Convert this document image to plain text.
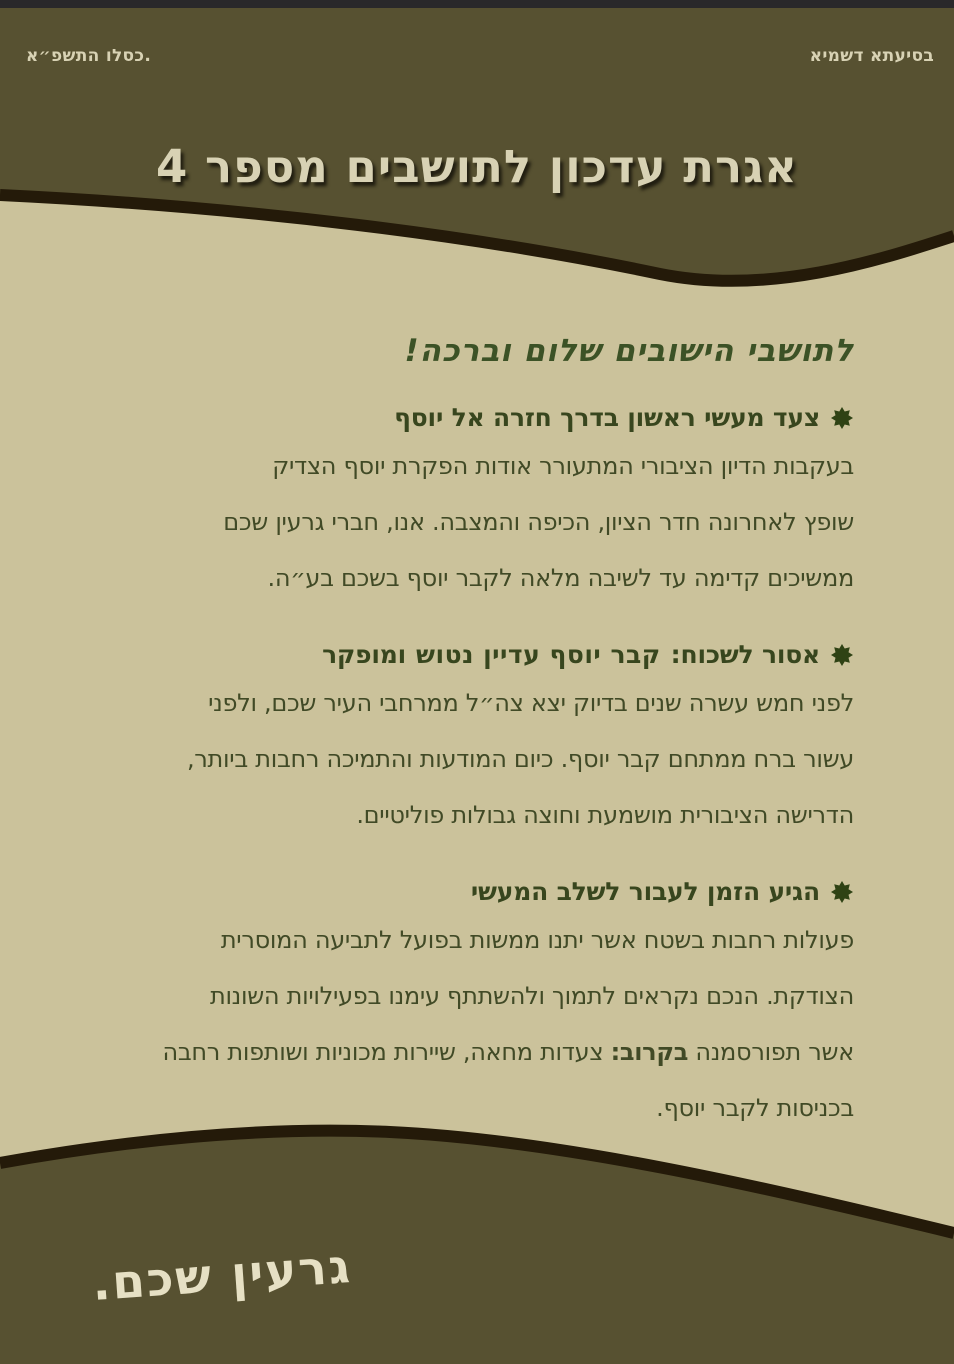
בסיעתא דשמיא
כסלו התשפ״א.
אגרת עדכון לתושבים מספר 4
לתושבי הישובים שלום וברכה!
צעד מעשי ראשון בדרך חזרה אל יוסף
בעקבות הדיון הציבורי המתעורר אודות הפקרת יוסף הצדיק
שופץ לאחרונה חדר הציון, הכיפה והמצבה. אנו, חברי גרעין שכם
ממשיכים קדימה עד לשיבה מלאה לקבר יוסף בשכם בע״ה.
אסור לשכוח:
קבר יוסף עדיין נטוש
ומופקר
לפני חמש עשרה שנים בדיוק יצא צה״ל ממרחבי העיר שכם, ולפני
עשור ברח ממתחם קבר יוסף. כיום המודעות והתמיכה רחבות ביותר,
הדרישה הציבורית מושמעת וחוצה גבולות פוליטיים.
הגיע הזמן לעבור לשלב המעשי
פעולות רחבות בשטח אשר יתנו ממשות בפועל לתביעה המוסרית
הצודקת. הנכם נקראים לתמוך ולהשתתף עימנו בפעילויות השונות
אשר תפורסמנה בקרוב: צעדות מחאה, שיירות מכוניות ושותפות רחבה
בכניסות לקבר יוסף.
גרעין שכם.
